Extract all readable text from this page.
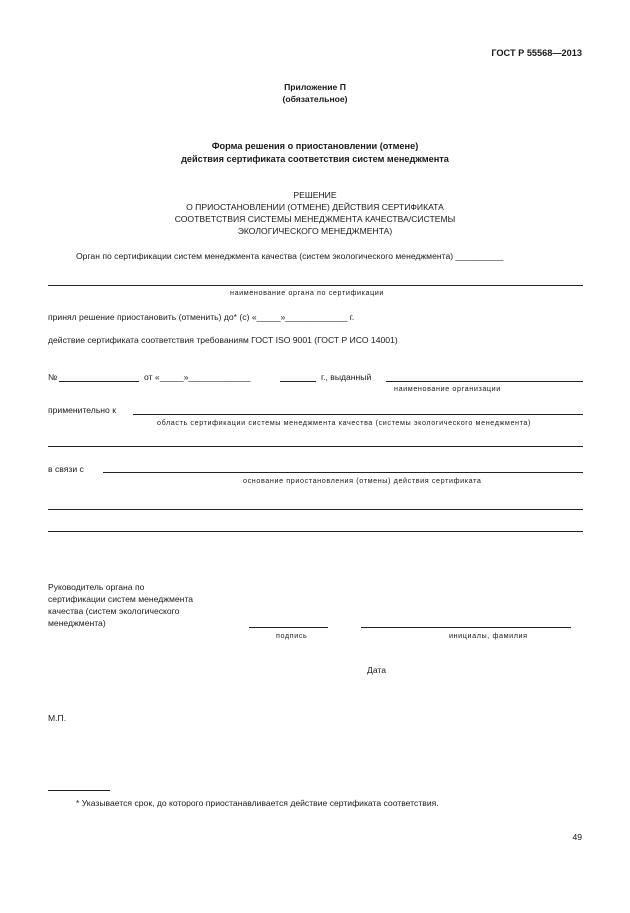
ГОСТ Р 55568—2013
Приложение П
(обязательное)
Форма решения о приостановлении (отмене)
действия сертификата соответствия систем менеджмента
РЕШЕНИЕ
О ПРИОСТАНОВЛЕНИИ (ОТМЕНЕ) ДЕЙСТВИЯ СЕРТИФИКАТА
СООТВЕТСТВИЯ СИСТЕМЫ МЕНЕДЖМЕНТА КАЧЕСТВА/СИСТЕМЫ
ЭКОЛОГИЧЕСКОГО МЕНЕДЖМЕНТА)
Орган по сертификации систем менеджмента качества (систем экологического менеджмента) __________
наименование органа по сертификации
принял решение приостановить (отменить) до* (с) «_____»_____________ г.
действие сертификата соответствия требованиям ГОСТ ISO 9001 (ГОСТ Р ИСО 14001)
№	от «_____»_____________	г., выданный
наименование организации
применительно к
область сертификации системы менеджмента качества (системы экологического менеджмента)
в связи с
основание приостановления (отмены) действия сертификата
Руководитель органа по
сертификации систем менеджмента
качества (систем экологического
менеджмента)
подпись	инициалы, фамилия
Дата
М.П.
* Указывается срок, до которого приостанавливается действие сертификата соответствия.
49
